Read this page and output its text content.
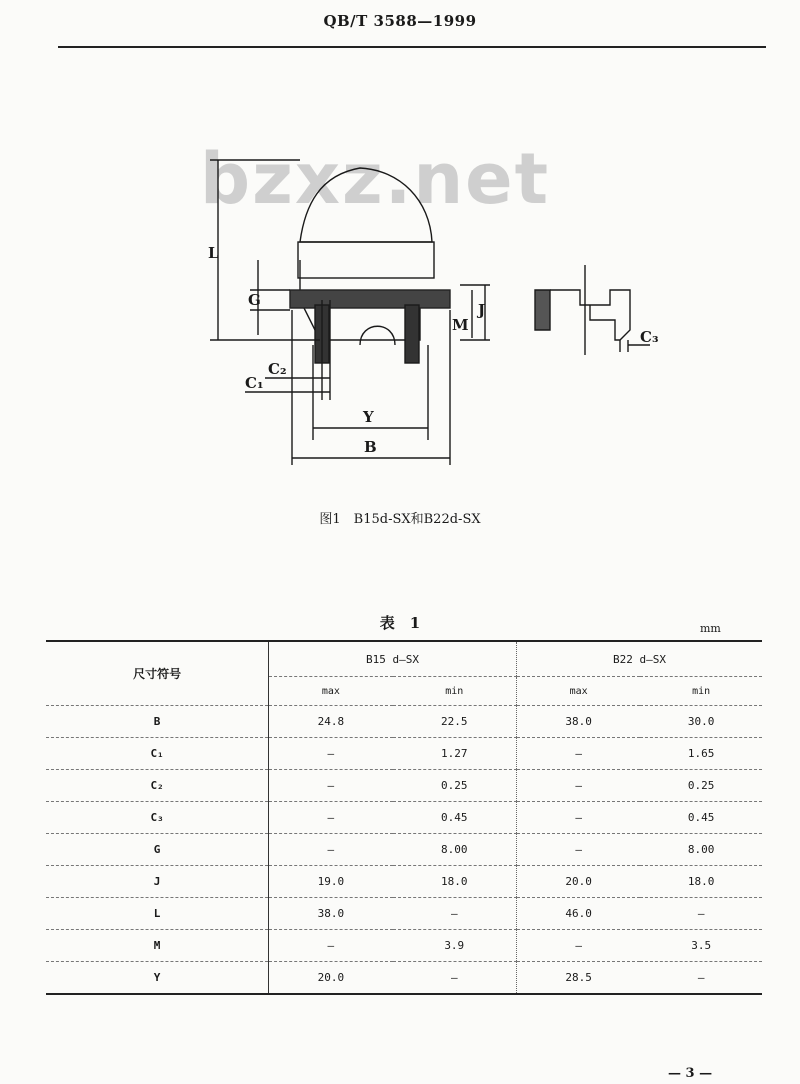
QB/T 3588—1999
bzxz.net
L
G
M
J
C₂
C₁
Y
B
C₃
图1　B15d-SX和B22d-SX
表　1	mm
尺寸符号	B15 d—SX		B22 d—SX	
	max	min	max	min
B	24.8	22.5	38.0	30.0
C₁	—	1.27	—	1.65
C₂	—	0.25	—	0.25
C₃	—	0.45	—	0.45
G	—	8.00	—	8.00
J	19.0	18.0	20.0	18.0
L	38.0	—	46.0	—
M	—	3.9	—	3.5
Y	20.0	—	28.5	—
— 3 —
